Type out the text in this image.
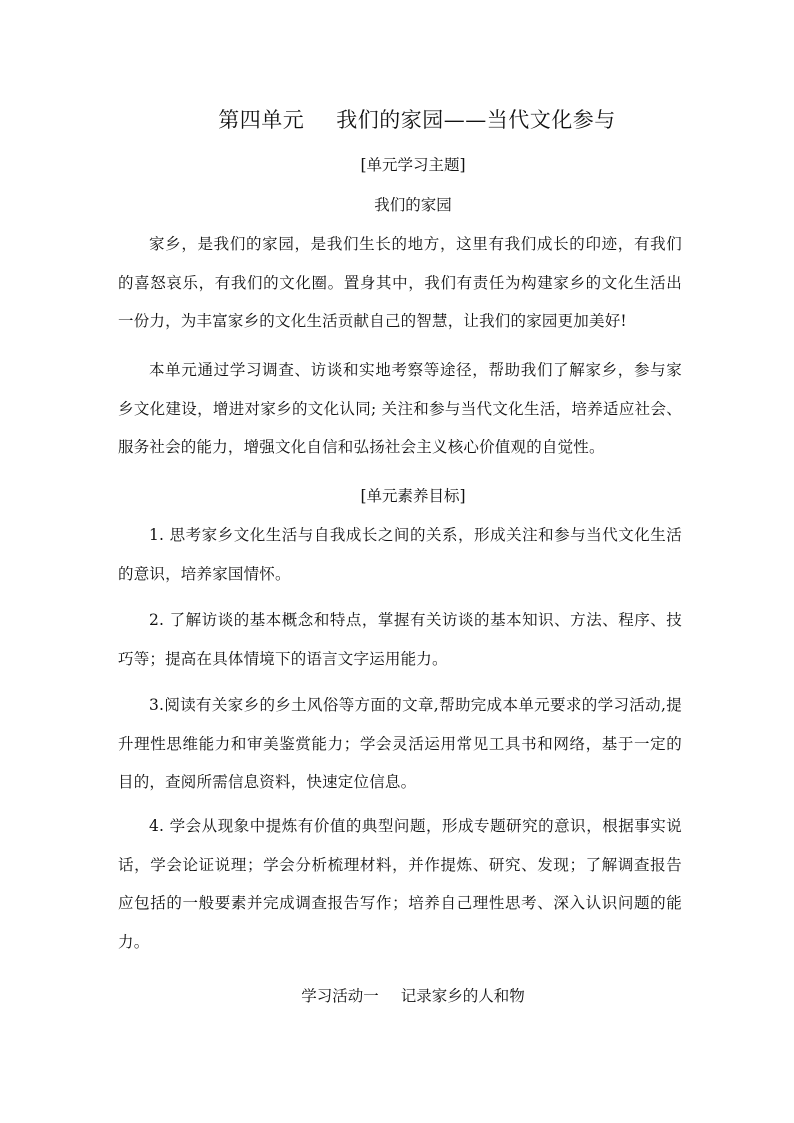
第四单元 我们的家园——当代文化参与
[单元学习主题]
我们的家园

家乡，是我们的家园，是我们生长的地方，这里有我们成长的印迹，有我们的喜怒哀乐，有我们的文化圈。置身其中，我们有责任为构建家乡的文化生活出一份力，为丰富家乡的文化生活贡献自己的智慧，让我们的家园更加美好!

本单元通过学习调查、访谈和实地考察等途径，帮助我们了解家乡，参与家乡文化建设，增进对家乡的文化认同; 关注和参与当代文化生活，培养适应社会、服务社会的能力，增强文化自信和弘扬社会主义核心价值观的自觉性。

[单元素养目标]

1. 思考家乡文化生活与自我成长之间的关系，形成关注和参与当代文化生活的意识，培养家国情怀。

2. 了解访谈的基本概念和特点，掌握有关访谈的基本知识、方法、程序、技巧等；提高在具体情境下的语言文字运用能力。

3.阅读有关家乡的乡土风俗等方面的文章,帮助完成本单元要求的学习活动,提升理性思维能力和审美鉴赏能力；学会灵活运用常见工具书和网络，基于一定的目的，查阅所需信息资料，快速定位信息。

4. 学会从现象中提炼有价值的典型问题，形成专题研究的意识，根据事实说话，学会论证说理；学会分析梳理材料，并作提炼、研究、发现；了解调查报告应包括的一般要素并完成调查报告写作；培养自己理性思考、深入认识问题的能力。

学习活动一 记录家乡的人和物
